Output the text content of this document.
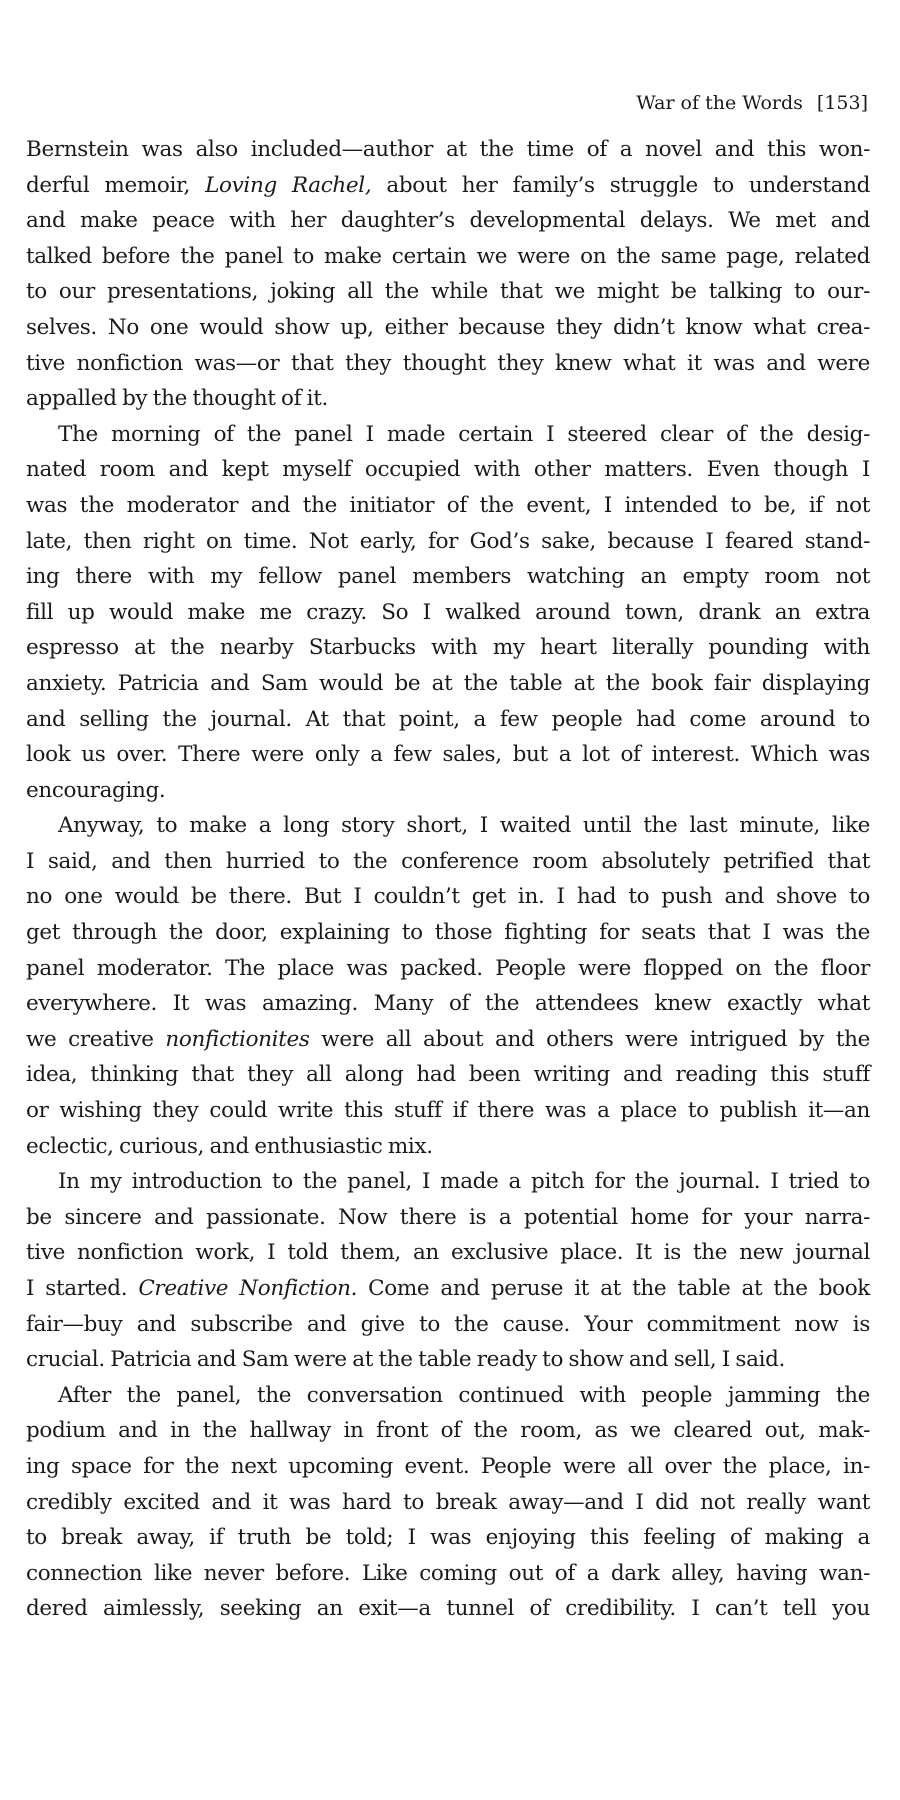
War of the Words [153]
Bernstein was also included—author at the time of a novel and this won-
derful memoir, Loving Rachel, about her family’s struggle to understand
and make peace with her daughter’s developmental delays. We met and
talked before the panel to make certain we were on the same page, related
to our presentations, joking all the while that we might be talking to our-
selves. No one would show up, either because they didn’t know what crea-
tive nonfiction was—or that they thought they knew what it was and were
appalled by the thought of it.
The morning of the panel I made certain I steered clear of the desig-
nated room and kept myself occupied with other matters. Even though I
was the moderator and the initiator of the event, I intended to be, if not
late, then right on time. Not early, for God’s sake, because I feared stand-
ing there with my fellow panel members watching an empty room not
fill up would make me crazy. So I walked around town, drank an extra
espresso at the nearby Starbucks with my heart literally pounding with
anxiety. Patricia and Sam would be at the table at the book fair displaying
and selling the journal. At that point, a few people had come around to
look us over. There were only a few sales, but a lot of interest. Which was
encouraging.
Anyway, to make a long story short, I waited until the last minute, like
I said, and then hurried to the conference room absolutely petrified that
no one would be there. But I couldn’t get in. I had to push and shove to
get through the door, explaining to those fighting for seats that I was the
panel moderator. The place was packed. People were flopped on the floor
everywhere. It was amazing. Many of the attendees knew exactly what
we creative nonfictionites were all about and others were intrigued by the
idea, thinking that they all along had been writing and reading this stuff
or wishing they could write this stuff if there was a place to publish it—an
eclectic, curious, and enthusiastic mix.
In my introduction to the panel, I made a pitch for the journal. I tried to
be sincere and passionate. Now there is a potential home for your narra-
tive nonfiction work, I told them, an exclusive place. It is the new journal
I started. Creative Nonfiction. Come and peruse it at the table at the book
fair—buy and subscribe and give to the cause. Your commitment now is
crucial. Patricia and Sam were at the table ready to show and sell, I said.
After the panel, the conversation continued with people jamming the
podium and in the hallway in front of the room, as we cleared out, mak-
ing space for the next upcoming event. People were all over the place, in-
credibly excited and it was hard to break away—and I did not really want
to break away, if truth be told; I was enjoying this feeling of making a
connection like never before. Like coming out of a dark alley, having wan-
dered aimlessly, seeking an exit—a tunnel of credibility. I can’t tell you
